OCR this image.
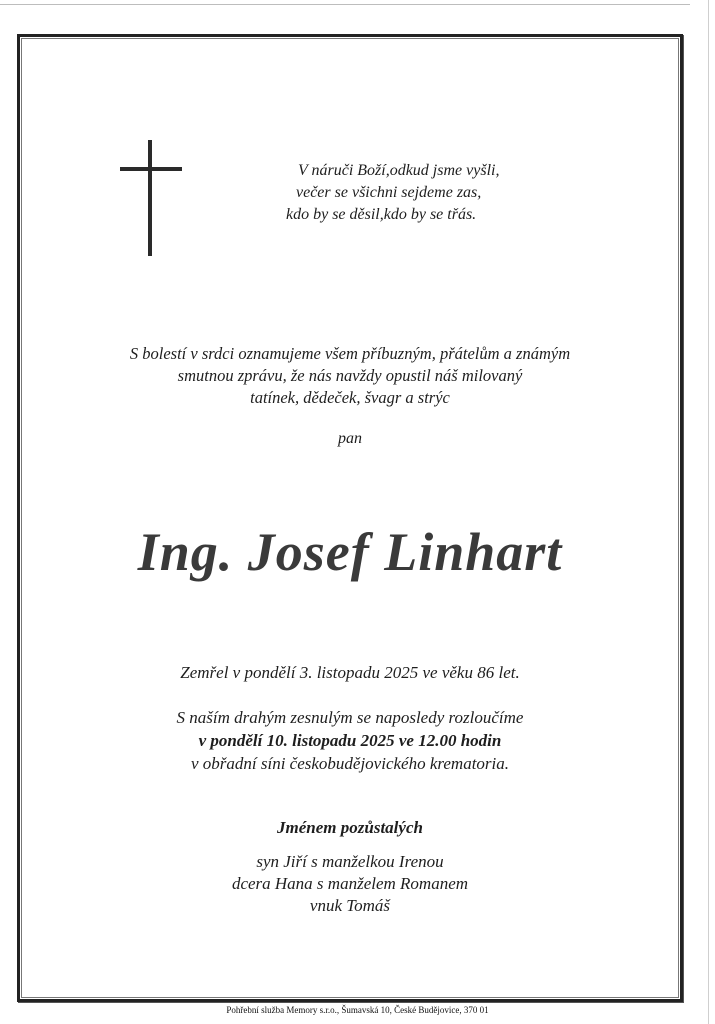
V náruči Boží,odkud jsme vyšli,
večer se všichni sejdeme zas,
kdo by se děsil,kdo by se třás.
S bolestí v srdci oznamujeme všem příbuzným, přátelům a známým
smutnou zprávu, že nás navždy opustil náš milovaný
tatínek, dědeček, švagr a strýc
pan
Ing. Josef Linhart
Zemřel v pondělí 3. listopadu 2025 ve věku 86 let.
S naším drahým zesnulým se naposledy rozloučíme
v pondělí 10. listopadu 2025 ve 12.00 hodin
v obřadní síni českobudějovického krematoria.
Jménem pozůstalých
syn Jiří s manželkou Irenou
dcera Hana s manželem Romanem
vnuk Tomáš
Pohřební služba Memory s.r.o., Šumavská 10, České Budějovice, 370 01
